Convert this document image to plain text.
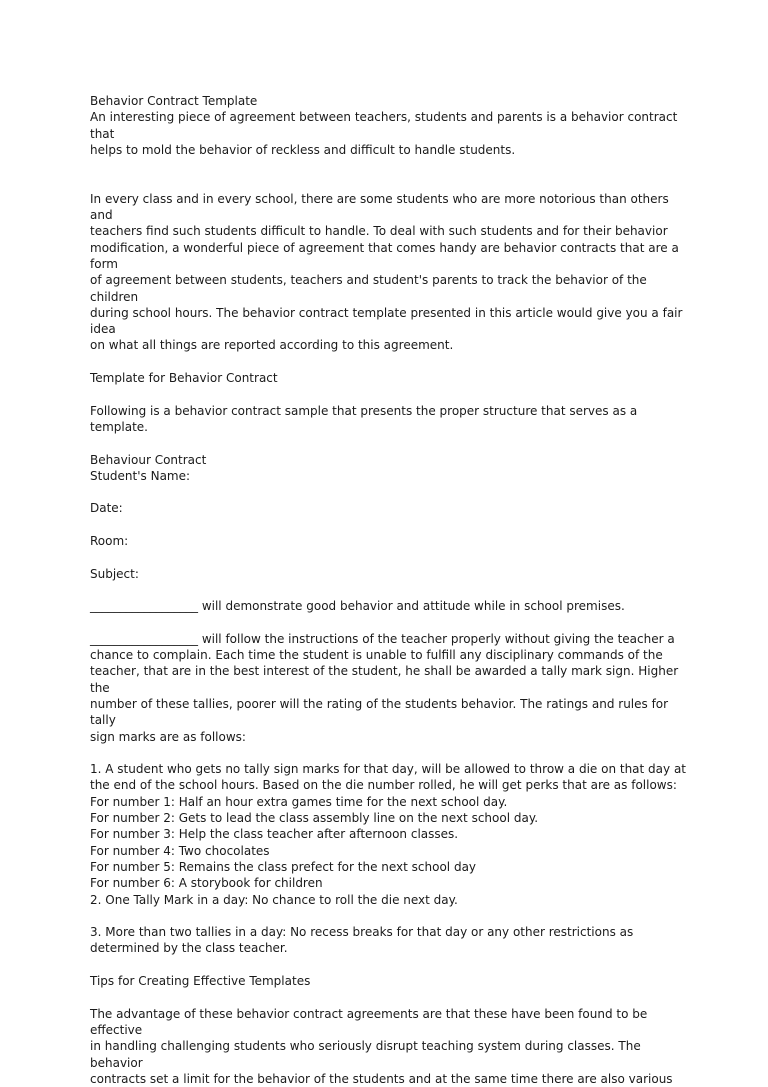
Behavior Contract Template

An interesting piece of agreement between teachers, students and parents is a behavior contract that

helps to mold the behavior of reckless and difficult to handle students.

In every class and in every school, there are some students who are more notorious than others and

teachers find such students difficult to handle. To deal with such students and for their behavior

modification, a wonderful piece of agreement that comes handy are behavior contracts that are a form

of agreement between students, teachers and student's parents to track the behavior of the children

during school hours. The behavior contract template presented in this article would give you a fair idea

on what all things are reported according to this agreement.

Template for Behavior Contract

Following is a behavior contract sample that presents the proper structure that serves as a template.

Behaviour Contract

Student's Name:

Date:

Room:

Subject:

__________________ will demonstrate good behavior and attitude while in school premises.

__________________ will follow the instructions of the teacher properly without giving the teacher a

chance to complain. Each time the student is unable to fulfill any disciplinary commands of the

teacher, that are in the best interest of the student, he shall be awarded a tally mark sign. Higher the

number of these tallies, poorer will the rating of the students behavior. The ratings and rules for tally

sign marks are as follows:

1. A student who gets no tally sign marks for that day, will be allowed to throw a die on that day at

the end of the school hours. Based on the die number rolled, he will get perks that are as follows:

For number 1: Half an hour extra games time for the next school day.

For number 2: Gets to lead the class assembly line on the next school day.

For number 3: Help the class teacher after afternoon classes.

For number 4: Two chocolates

For number 5: Remains the class prefect for the next school day

For number 6: A storybook for children

2. One Tally Mark in a day: No chance to roll the die next day.

3. More than two tallies in a day: No recess breaks for that day or any other restrictions as

determined by the class teacher.

Tips for Creating Effective Templates

The advantage of these behavior contract agreements are that these have been found to be effective

in handling challenging students who seriously disrupt teaching system during classes. The behavior

contracts set a limit for the behavior of the students and at the same time there are also various
